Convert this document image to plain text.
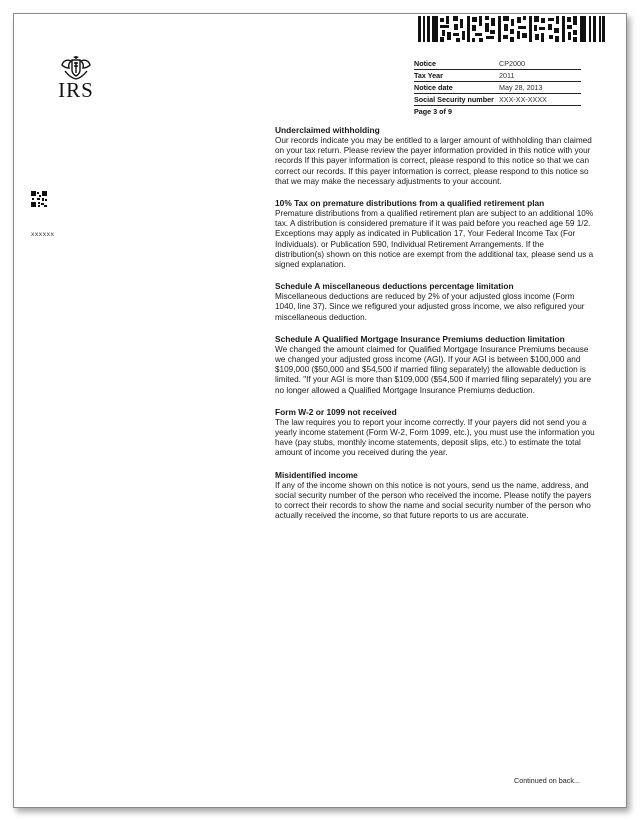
IRS
Notice	CP2000
Tax Year	2011
Notice date	May 28, 2013
Social Security number XXX-XX-XXXX
Page 3 of 9
xxxxxx
Underclaimed withholding

Our records indicate you may be entitled to a larger amount of withholding than claimed on your tax return. Please review the payer information provided in this notice with your records If this payer information is correct, please respond to this notice so that we can correct our records. If this payer information is correct, please respond to this notice so that we may make the necessary adjustments to your account.

10% Tax on premature distributions from a qualified retirement plan

Premature distributions from a qualified retirement plan are subject to an additional 10% tax. A distribution is considered premature if it was paid before you reached age 59 1/2. Exceptions may apply as indicated in Publication 17, Your Federal Income Tax (For Individuals). or Publication 590, Individual Retirement Arrangements. If the distribution(s) shown on this notice are exempt from the additional tax, please send us a signed explanation.

Schedule A miscellaneous deductions percentage limitation

Miscellaneous deductions are reduced by 2% of your adjusted gloss income (Form 1040, line 37). Since we refigured your adjusted gross income, we also refigured your miscellaneous deduction.

Schedule A Qualified Mortgage Insurance Premiums deduction limitation

We changed the amount claimed for Qualified Mortgage Insurance Premiums because we changed your adjusted gross income (AGI). If your AGI is between $100,000 and $109,000 ($50,000 and $54,500 if married filing separately) the allowable deduction is limited. "If your AGI is more than $109,000 ($54,500 if married filing separately) you are no longer allowed a Qualified Mortgage Insurance Premiums deduction.

Form W-2 or 1099 not received

The law requires you to report your income correctly. If your payers did not send you a yearly income statement (Form W-2, Form 1099, etc.), you must use the information you have (pay stubs, monthly income statements, deposit slips, etc.) to estimate the total amount of income you received during the year.

Misidentified income

If any of the income shown on this notice is not yours, send us the name, address, and social security number of the person who received the income. Please notify the payers to correct their records to show the name and social security number of the person who actually received the income, so that future reports to us are accurate.

Continued on back...
